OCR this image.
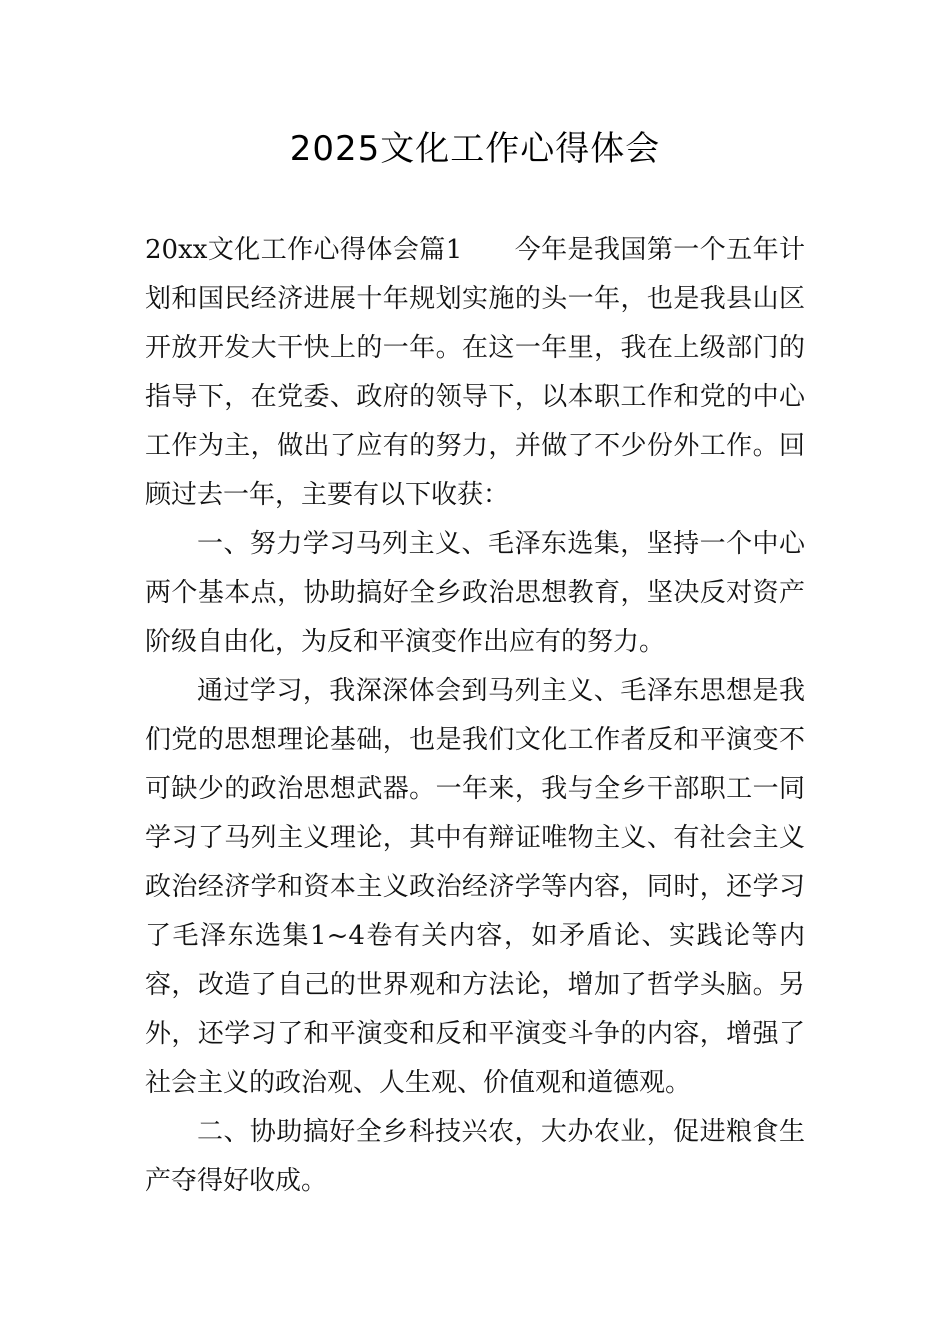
2025文化工作心得体会

20xx文化工作心得体会篇1 今年是我国第一个五年计划和国民经济进展十年规划实施的头一年，也是我县山区开放开发大干快上的一年。在这一年里，我在上级部门的指导下，在党委、政府的领导下，以本职工作和党的中心工作为主，做出了应有的努力，并做了不少份外工作。回顾过去一年，主要有以下收获：

一、努力学习马列主义、毛泽东选集，坚持一个中心两个基本点，协助搞好全乡政治思想教育，坚决反对资产阶级自由化，为反和平演变作出应有的努力。

通过学习，我深深体会到马列主义、毛泽东思想是我们党的思想理论基础，也是我们文化工作者反和平演变不可缺少的政治思想武器。一年来，我与全乡干部职工一同学习了马列主义理论，其中有辩证唯物主义、有社会主义政治经济学和资本主义政治经济学等内容，同时，还学习了毛泽东选集1~4卷有关内容，如矛盾论、实践论等内容，改造了自己的世界观和方法论，增加了哲学头脑。另外，还学习了和平演变和反和平演变斗争的内容，增强了社会主义的政治观、人生观、价值观和道德观。

二、协助搞好全乡科技兴农，大办农业，促进粮食生产夺得好收成。
